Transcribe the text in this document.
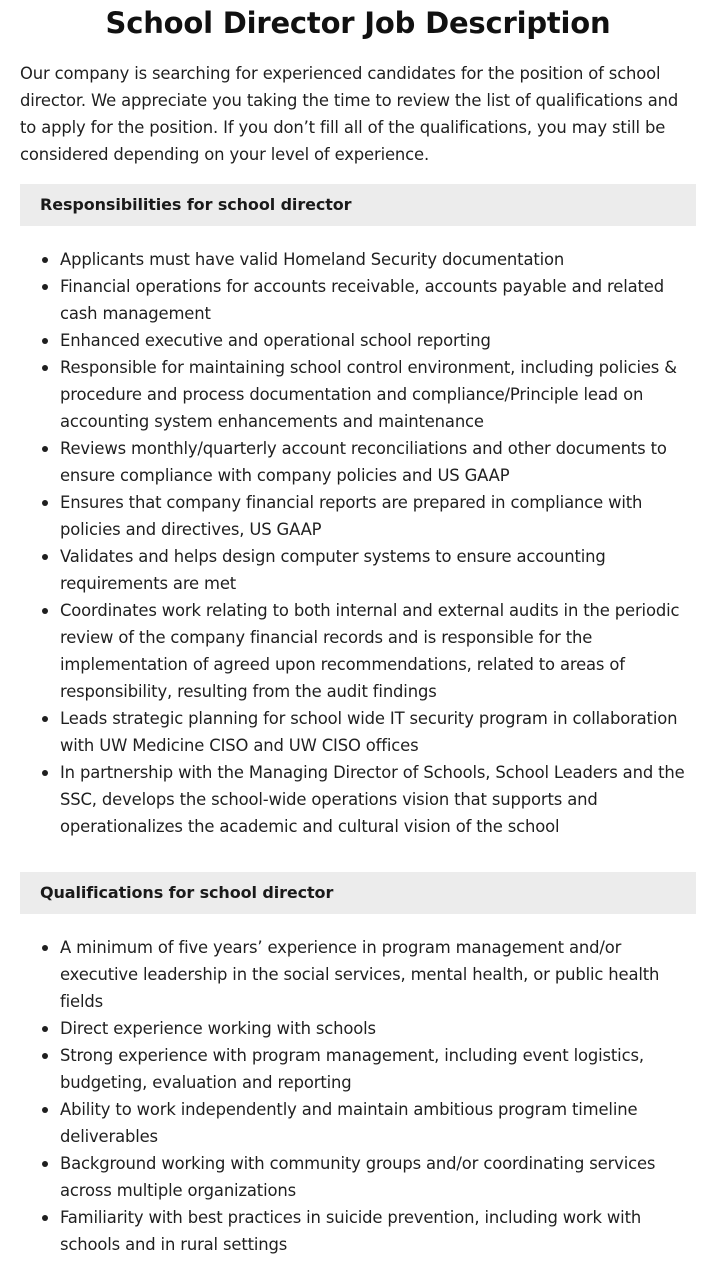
School Director Job Description

Our company is searching for experienced candidates for the position of school director. We appreciate you taking the time to review the list of qualifications and to apply for the position. If you don’t fill all of the qualifications, you may still be considered depending on your level of experience.

Responsibilities for school director
Applicants must have valid Homeland Security documentation
Financial operations for accounts receivable, accounts payable and related cash management
Enhanced executive and operational school reporting
Responsible for maintaining school control environment, including policies & procedure and process documentation and compliance/Principle lead on accounting system enhancements and maintenance
Reviews monthly/quarterly account reconciliations and other documents to ensure compliance with company policies and US GAAP
Ensures that company financial reports are prepared in compliance with policies and directives, US GAAP
Validates and helps design computer systems to ensure accounting requirements are met
Coordinates work relating to both internal and external audits in the periodic review of the company financial records and is responsible for the implementation of agreed upon recommendations, related to areas of responsibility, resulting from the audit findings
Leads strategic planning for school wide IT security program in collaboration with UW Medicine CISO and UW CISO offices
In partnership with the Managing Director of Schools, School Leaders and the SSC, develops the school-wide operations vision that supports and operationalizes the academic and cultural vision of the school
Qualifications for school director
A minimum of five years’ experience in program management and/or executive leadership in the social services, mental health, or public health fields
Direct experience working with schools
Strong experience with program management, including event logistics, budgeting, evaluation and reporting
Ability to work independently and maintain ambitious program timeline deliverables
Background working with community groups and/or coordinating services across multiple organizations
Familiarity with best practices in suicide prevention, including work with schools and in rural settings
